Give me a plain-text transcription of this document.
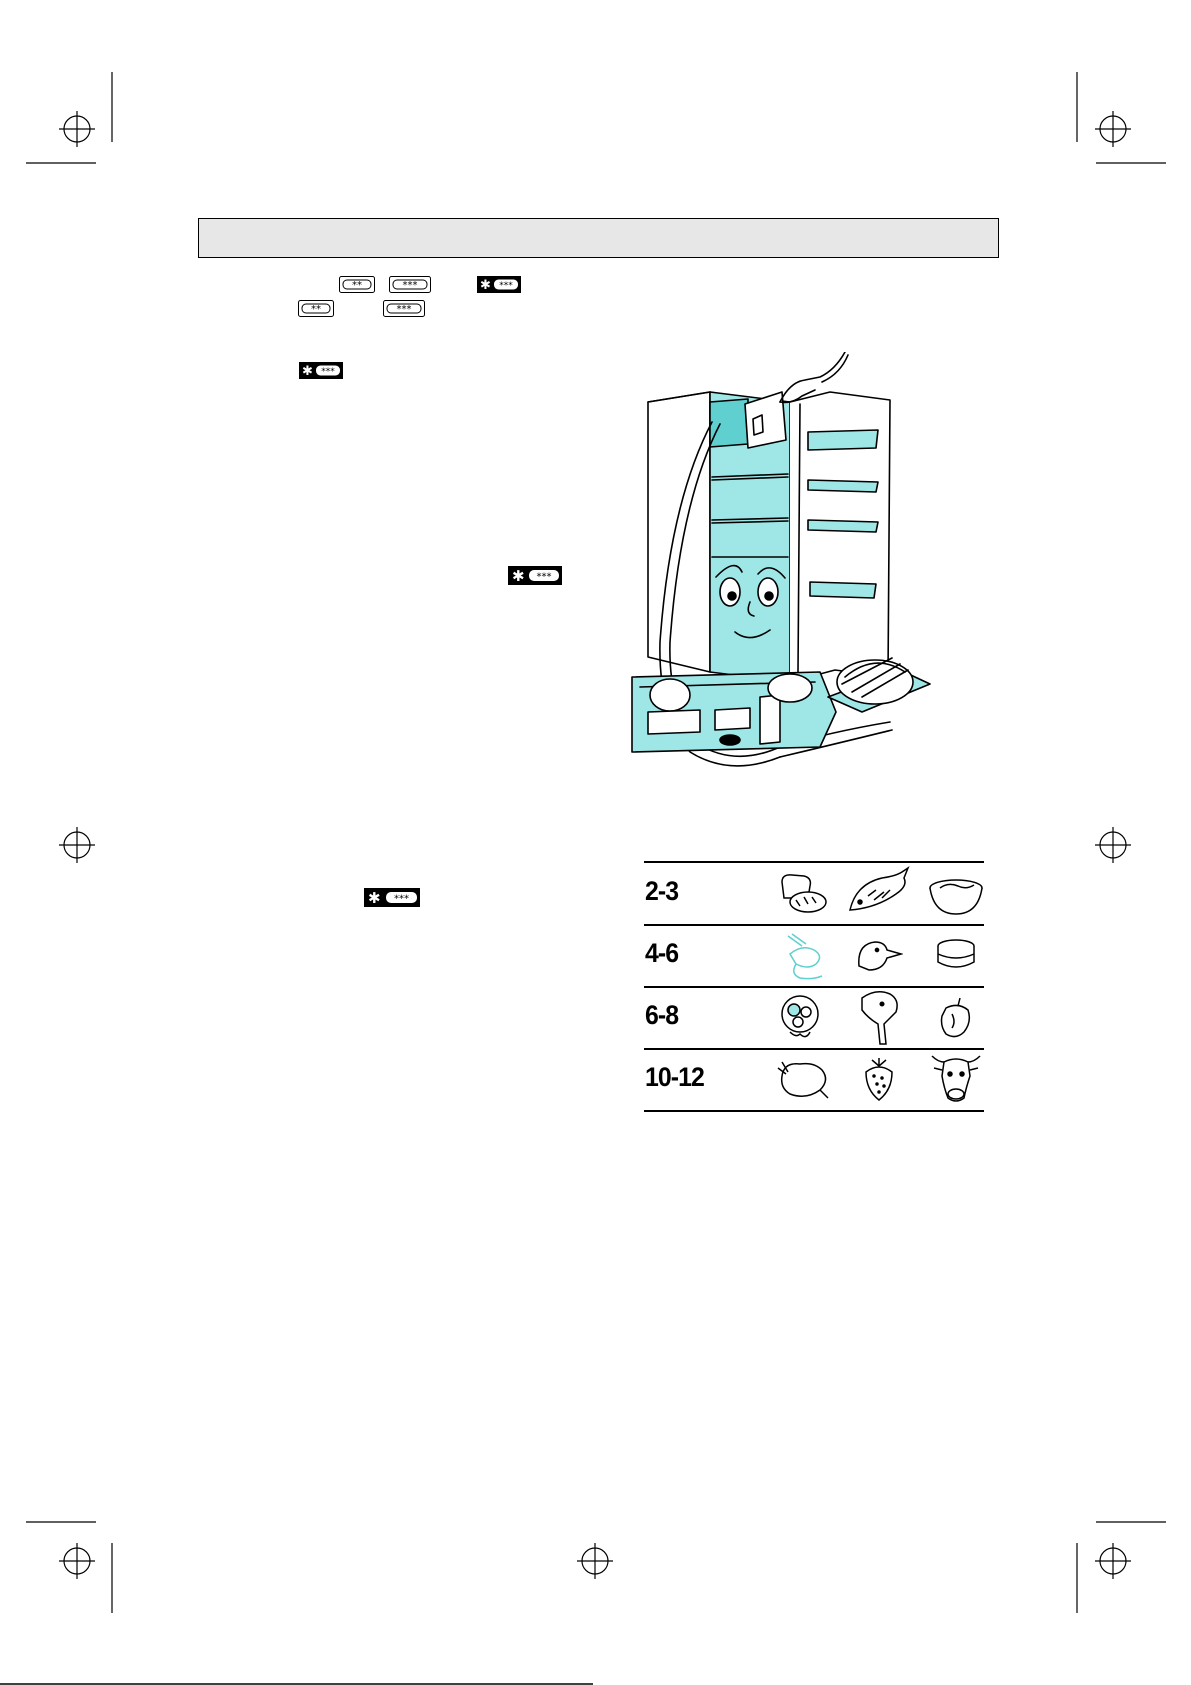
**	***	✱ ***
**	***
✱ ***
✱ ***
✱ ***	2-3
4-6
6-8
10-12
